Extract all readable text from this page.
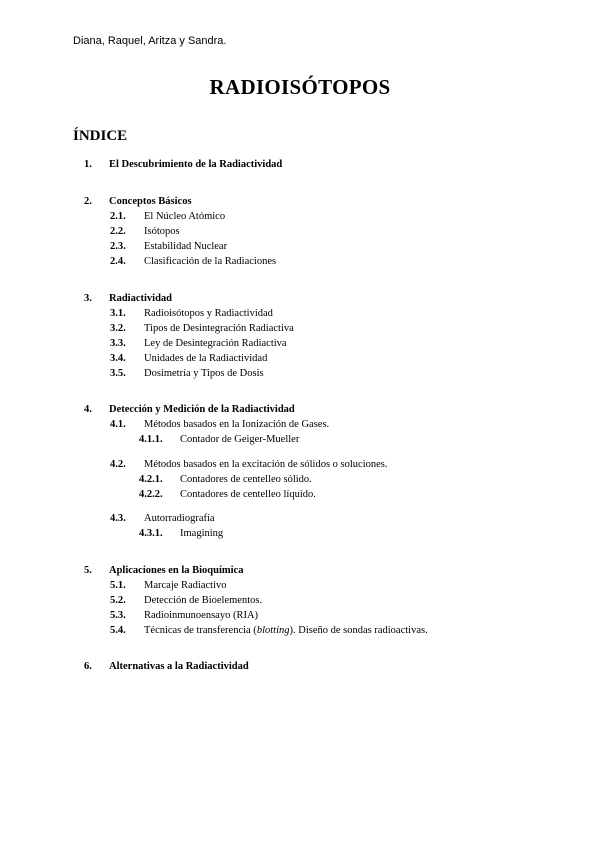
Diana, Raquel, Aritza y Sandra.
RADIOISÓTOPOS
ÍNDICE
1. El Descubrimiento de la Radiactividad
2. Conceptos Básicos
2.1. El Núcleo Atómico
2.2. Isótopos
2.3. Estabilidad Nuclear
2.4. Clasificación de la Radiaciones
3. Radiactividad
3.1. Radioisótopos y Radiactividad
3.2. Tipos de Desintegración Radiactiva
3.3. Ley de Desintegración Radiactiva
3.4. Unidades de la Radiactividad
3.5. Dosimetría y Tipos de Dosis
4. Detección y Medición de la Radiactividad
4.1. Métodos basados en la Ionización de Gases.
4.1.1. Contador de Geiger-Mueller
4.2. Métodos basados en la excitación de sólidos o soluciones.
4.2.1. Contadores de centelleo sólido.
4.2.2. Contadores de centelleo líquido.
4.3. Autorradiografía
4.3.1. Imagining
5. Aplicaciones en la Bioquímica
5.1. Marcaje Radiactivo
5.2. Detección de Bioelementos.
5.3. Radioinmunoensayo (RIA)
5.4. Técnicas de transferencia (blotting). Diseño de sondas radioactivas.
6. Alternativas a la Radiactividad
